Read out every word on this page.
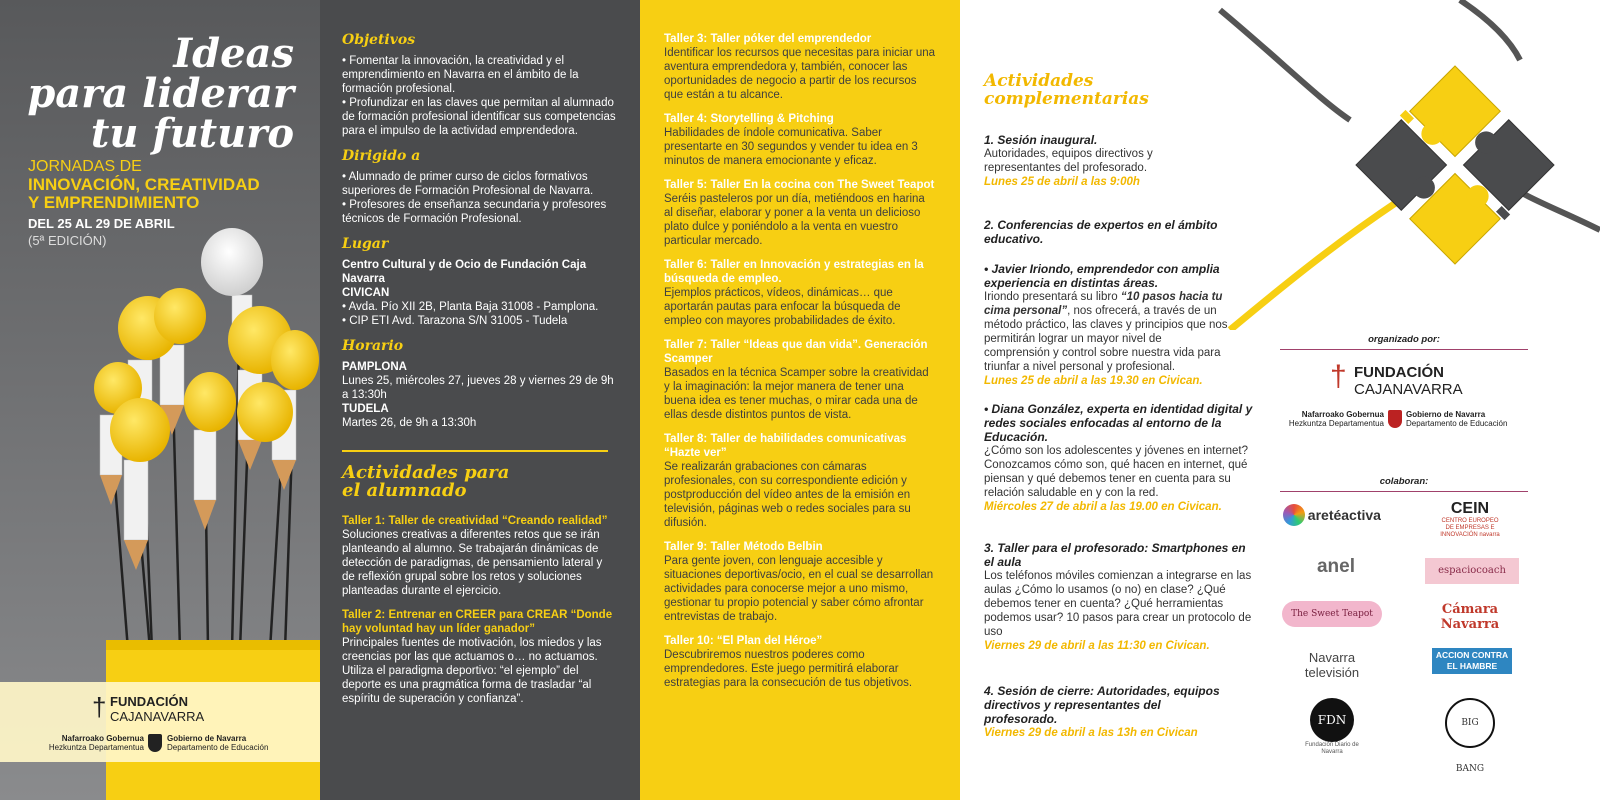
Ideas
para liderar
tu futuro
JORNADAS DE
INNOVACIÓN, CREATIVIDAD
Y EMPRENDIMIENTO
DEL 25 AL 29 DE ABRIL
(5ª EDICIÓN)
† FUNDACIÓN
CAJANAVARRA
Nafarroako Gobernua
Hezkuntza Departamentua
Gobierno de Navarra
Departamento de Educación
Objetivos

• Fomentar la innovación, la creatividad y el emprendimiento en Navarra en el ámbito de la formación profesional.

• Profundizar en las claves que permitan al alumnado de formación profesional identificar sus competencias para el impulso de la actividad emprendedora.

Dirigido a

• Alumnado de primer curso de ciclos formativos superiores de Formación Profesional de Navarra.

• Profesores de enseñanza secundaria y profesores técnicos de Formación Profesional.

Lugar

Centro Cultural y de Ocio de Fundación Caja Navarra

CIVICAN

• Avda. Pío XII 2B, Planta Baja 31008 - Pamplona.

• CIP ETI Avd. Tarazona S/N 31005 - Tudela

Horario

PAMPLONA

Lunes 25, miércoles 27, jueves 28 y viernes 29 de 9h a 13:30h

TUDELA

Martes 26, de 9h a 13:30h

Actividades para
el alumnado

Taller 1: Taller de creatividad “Creando realidad”

Soluciones creativas a diferentes retos que se irán planteando al alumno. Se trabajarán dinámicas de detección de paradigmas, de pensamiento lateral y de reflexión grupal sobre los retos y soluciones planteadas durante el ejercicio.

Taller 2: Entrenar en CREER para CREAR “Donde hay voluntad hay un líder ganador”

Principales fuentes de motivación, los miedos y las creencias por las que actuamos o… no actuamos. Utiliza el paradigma deportivo: “el ejemplo” del deporte es una pragmática forma de trasladar “al espíritu de superación y confianza”.

Taller 3: Taller póker del emprendedor

Identificar los recursos que necesitas para iniciar una aventura emprendedora y, también, conocer las oportunidades de negocio a partir de los recursos que están a tu alcance.

Taller 4: Storytelling & Pitching

Habilidades de índole comunicativa. Saber presentarte en 30 segundos y vender tu idea en 3 minutos de manera emocionante y eficaz.

Taller 5: Taller En la cocina con The Sweet Teapot

Seréis pasteleros por un día, metiéndoos en harina al diseñar, elaborar y poner a la venta un delicioso plato dulce y poniéndolo a la venta en vuestro particular mercado.

Taller 6: Taller en Innovación y estrategias en la búsqueda de empleo.

Ejemplos prácticos, vídeos, dinámicas… que aportarán pautas para enfocar la búsqueda de empleo con mayores probabilidades de éxito.

Taller 7: Taller “Ideas que dan vida”. Generación Scamper

Basados en la técnica Scamper sobre la creatividad y la imaginación: la mejor manera de tener una buena idea es tener muchas, o mirar cada una de ellas desde distintos puntos de vista.

Taller 8: Taller de habilidades comunicativas “Hazte ver”

Se realizarán grabaciones con cámaras profesionales, con su correspondiente edición y postproducción del vídeo antes de la emisión en televisión, páginas web o redes sociales para su difusión.

Taller 9: Taller Método Belbin

Para gente joven, con lenguaje accesible y situaciones deportivas/ocio, en el cual se desarrollan actividades para conocerse mejor a uno mismo, gestionar tu propio potencial y saber cómo afrontar entrevistas de trabajo.

Taller 10: “El Plan del Héroe”

Descubriremos nuestros poderes como emprendedores. Este juego permitirá elaborar estrategias para la consecución de tus objetivos.

Actividades
complementarias
1. Sesión inaugural.
Autoridades, equipos directivos y representantes del profesorado.
Lunes 25 de abril a las 9:00h
2. Conferencias de expertos en el ámbito educativo.
• Javier Iriondo, emprendedor con amplia experiencia en distintas áreas.
Iriondo presentará su libro “10 pasos hacia tu cima personal”, nos ofrecerá, a través de un método práctico, las claves y principios que nos permitirán lograr un mayor nivel de comprensión y control sobre nuestra vida para triunfar a nivel personal y profesional.
Lunes 25 de abril a las 19.30 en Civican.
• Diana González, experta en identidad digital y redes sociales enfocadas al entorno de la Educación.
¿Cómo son los adolescentes y jóvenes en internet? Conozcamos cómo son, qué hacen en internet, qué piensan y qué debemos tener en cuenta para su relación saludable en y con la red.
Miércoles 27 de abril a las 19.00 en Civican.
3. Taller para el profesorado: Smartphones en el aula
Los teléfonos móviles comienzan a integrarse en las aulas ¿Cómo lo usamos (o no) en clase? ¿Qué debemos tener en cuenta? ¿Qué herramientas podemos usar? 10 pasos para crear un protocolo de uso
Viernes 29 de abril a las 11:30 en Civican.
4. Sesión de cierre: Autoridades, equipos directivos y representantes del profesorado.
Viernes 29 de abril a las 13h en Civican
organizado por:
† FUNDACIÓN
CAJANAVARRA
Nafarroako Gobernua
Hezkuntza Departamentua
Gobierno de Navarra
Departamento de Educación
colaboran:
aretéactiva	CEIN
CENTRO EUROPEO DE EMPRESAS E INNOVACIÓN navarra
anel	espaciocoach
The Sweet Teapot	Cámara Navarra
Navarra televisión
ACCION CONTRA EL HAMBRE
FDN
Fundación Diario de Navarra
BIG BANG
